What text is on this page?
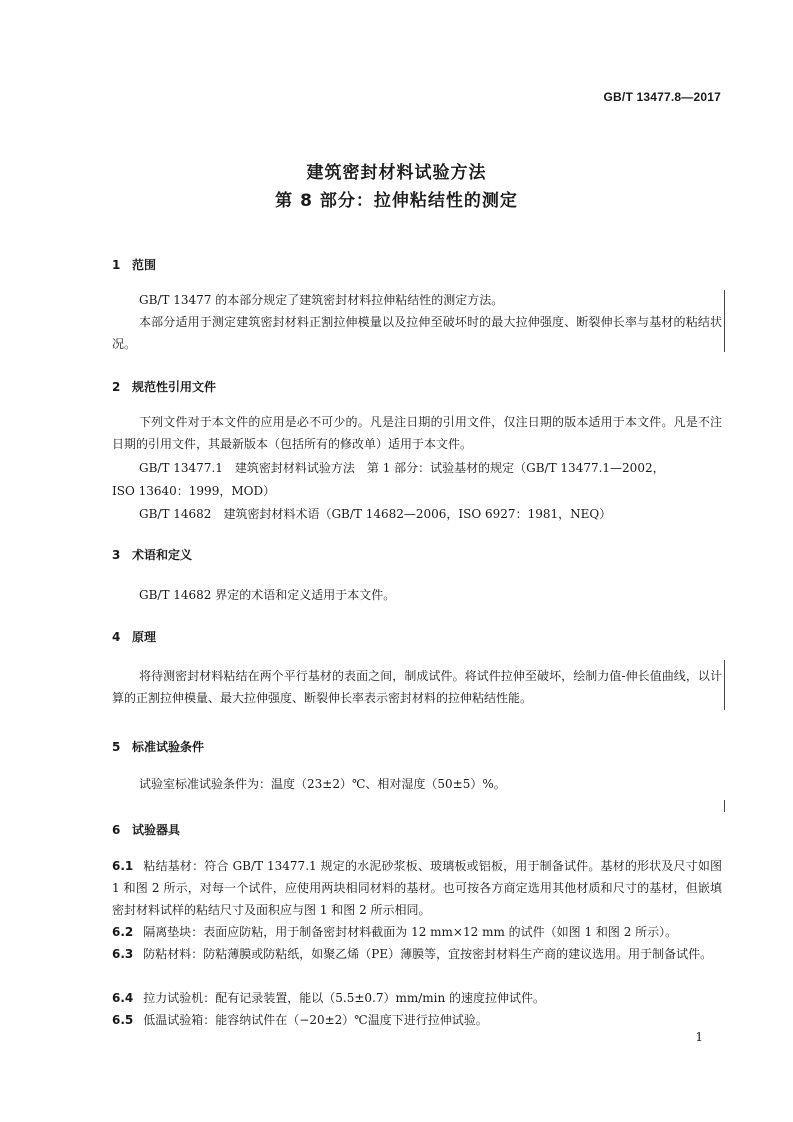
GB/T 13477.8—2017
建筑密封材料试验方法
第 8 部分：拉伸粘结性的测定
1 范围
GB/T 13477 的本部分规定了建筑密封材料拉伸粘结性的测定方法。
本部分适用于测定建筑密封材料正割拉伸模量以及拉伸至破坏时的最大拉伸强度、断裂伸长率与基材的粘结状况。
2 规范性引用文件
下列文件对于本文件的应用是必不可少的。凡是注日期的引用文件，仅注日期的版本适用于本文件。凡是不注日期的引用文件，其最新版本（包括所有的修改单）适用于本文件。
GB/T 13477.1　建筑密封材料试验方法　第 1 部分：试验基材的规定（GB/T 13477.1—2002，
ISO 13640：1999，MOD）
GB/T 14682　建筑密封材料术语（GB/T 14682—2006，ISO 6927：1981，NEQ）
3 术语和定义
GB/T 14682 界定的术语和定义适用于本文件。
4 原理
将待测密封材料粘结在两个平行基材的表面之间，制成试件。将试件拉伸至破坏，绘制力值-伸长值曲线，以计算的正割拉伸模量、最大拉伸强度、断裂伸长率表示密封材料的拉伸粘结性能。
5 标准试验条件
试验室标准试验条件为：温度（23±2）℃、相对湿度（50±5）%。
6 试验器具
6.1 粘结基材：符合 GB/T 13477.1 规定的水泥砂浆板、玻璃板或铝板，用于制备试件。基材的形状及尺寸如图 1 和图 2 所示，对每一个试件，应使用两块相同材料的基材。也可按各方商定选用其他材质和尺寸的基材，但嵌填密封材料试样的粘结尺寸及面积应与图 1 和图 2 所示相同。
6.2 隔离垫块：表面应防粘，用于制备密封材料截面为 12 mm×12 mm 的试件（如图 1 和图 2 所示）。
6.3 防粘材料：防粘薄膜或防粘纸，如聚乙烯（PE）薄膜等，宜按密封材料生产商的建议选用。用于制备试件。
6.4 拉力试验机：配有记录装置，能以（5.5±0.7）mm/min 的速度拉伸试件。
6.5 低温试验箱：能容纳试件在（−20±2）℃温度下进行拉伸试验。
1
